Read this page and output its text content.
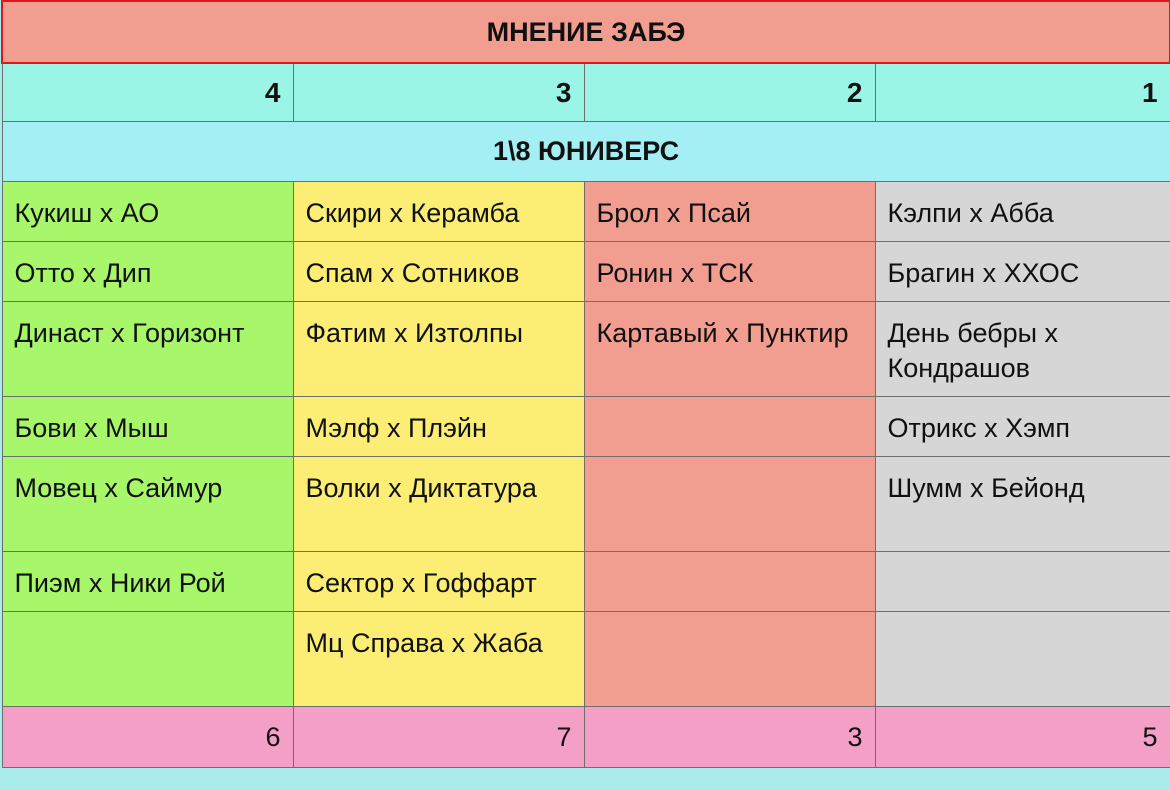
МНЕНИЕ ЗАБЭ			
4	3	2	1
1\8 ЮНИВЕРС			
Кукиш х АО	Скири х Керамба	Брол х Псай	Кэлпи х Абба
Отто х Дип	Спам х Сотников	Ронин х ТСК	Брагин х ХХОС
Династ х Горизонт	Фатим х Изтолпы	Картавый х Пунктир	День бебры х Кондрашов
Бови х Мыш	Мэлф х Плэйн		Отрикс х Хэмп
Мовец х Саймур	Волки х Диктатура		Шумм х Бейонд
Пиэм х Ники Рой	Сектор х Гоффарт		
	Мц Справа х Жаба		
6	7	3	5
